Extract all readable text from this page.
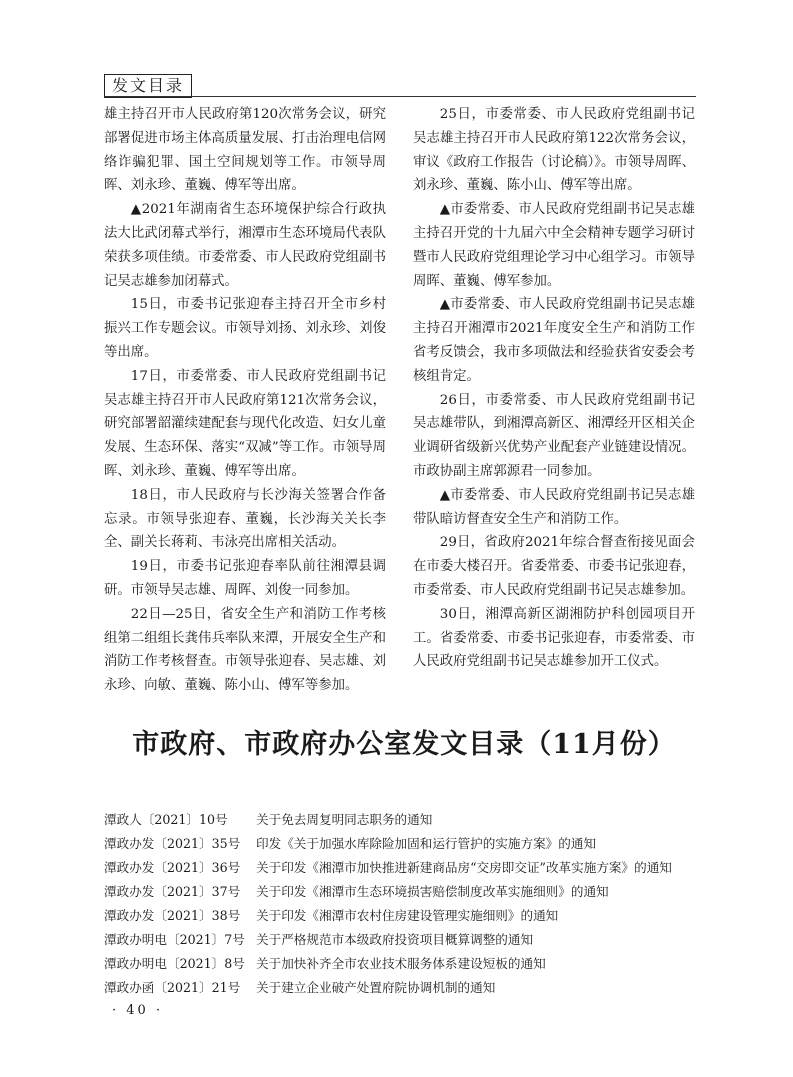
发文目录

雄主持召开市人民政府第120次常务会议，研究部署促进市场主体高质量发展、打击治理电信网络诈骗犯罪、国土空间规划等工作。市领导周晖、刘永珍、董巍、傅军等出席。

▲2021年湖南省生态环境保护综合行政执法大比武闭幕式举行，湘潭市生态环境局代表队荣获多项佳绩。市委常委、市人民政府党组副书记吴志雄参加闭幕式。

15日，市委书记张迎春主持召开全市乡村振兴工作专题会议。市领导刘扬、刘永珍、刘俊等出席。

17日，市委常委、市人民政府党组副书记吴志雄主持召开市人民政府第121次常务会议，研究部署韶灌续建配套与现代化改造、妇女儿童发展、生态环保、落实“双减”等工作。市领导周晖、刘永珍、董巍、傅军等出席。

18日，市人民政府与长沙海关签署合作备忘录。市领导张迎春、董巍，长沙海关关长李全、副关长蒋莉、韦泳亮出席相关活动。

19日，市委书记张迎春率队前往湘潭县调研。市领导吴志雄、周晖、刘俊一同参加。

22日—25日，省安全生产和消防工作考核组第二组组长龚伟兵率队来潭，开展安全生产和消防工作考核督查。市领导张迎春、吴志雄、刘永珍、向敏、董巍、陈小山、傅军等参加。

25日，市委常委、市人民政府党组副书记吴志雄主持召开市人民政府第122次常务会议，审议《政府工作报告（讨论稿）》。市领导周晖、刘永珍、董巍、陈小山、傅军等出席。

▲市委常委、市人民政府党组副书记吴志雄主持召开党的十九届六中全会精神专题学习研讨暨市人民政府党组理论学习中心组学习。市领导周晖、董巍、傅军参加。

▲市委常委、市人民政府党组副书记吴志雄主持召开湘潭市2021年度安全生产和消防工作省考反馈会，我市多项做法和经验获省安委会考核组肯定。

26日，市委常委、市人民政府党组副书记吴志雄带队，到湘潭高新区、湘潭经开区相关企业调研省级新兴优势产业配套产业链建设情况。市政协副主席郭源君一同参加。

▲市委常委、市人民政府党组副书记吴志雄带队暗访督查安全生产和消防工作。

29日，省政府2021年综合督查衔接见面会在市委大楼召开。省委常委、市委书记张迎春，市委常委、市人民政府党组副书记吴志雄参加。

30日，湘潭高新区湖湘防护科创园项目开工。省委常委、市委书记张迎春，市委常委、市人民政府党组副书记吴志雄参加开工仪式。

市政府、市政府办公室发文目录（11月份）
潭政人〔2021〕10号	关于免去周复明同志职务的通知
潭政办发〔2021〕35号	印发《关于加强水库除险加固和运行管护的实施方案》的通知
潭政办发〔2021〕36号	关于印发《湘潭市加快推进新建商品房“交房即交证”改革实施方案》的通知
潭政办发〔2021〕37号	关于印发《湘潭市生态环境损害赔偿制度改革实施细则》的通知
潭政办发〔2021〕38号	关于印发《湘潭市农村住房建设管理实施细则》的通知
潭政办明电〔2021〕7号 关于严格规范市本级政府投资项目概算调整的通知
潭政办明电〔2021〕8号 关于加快补齐全市农业技术服务体系建设短板的通知
潭政办函〔2021〕21号	关于建立企业破产处置府院协调机制的通知
· 40 ·
